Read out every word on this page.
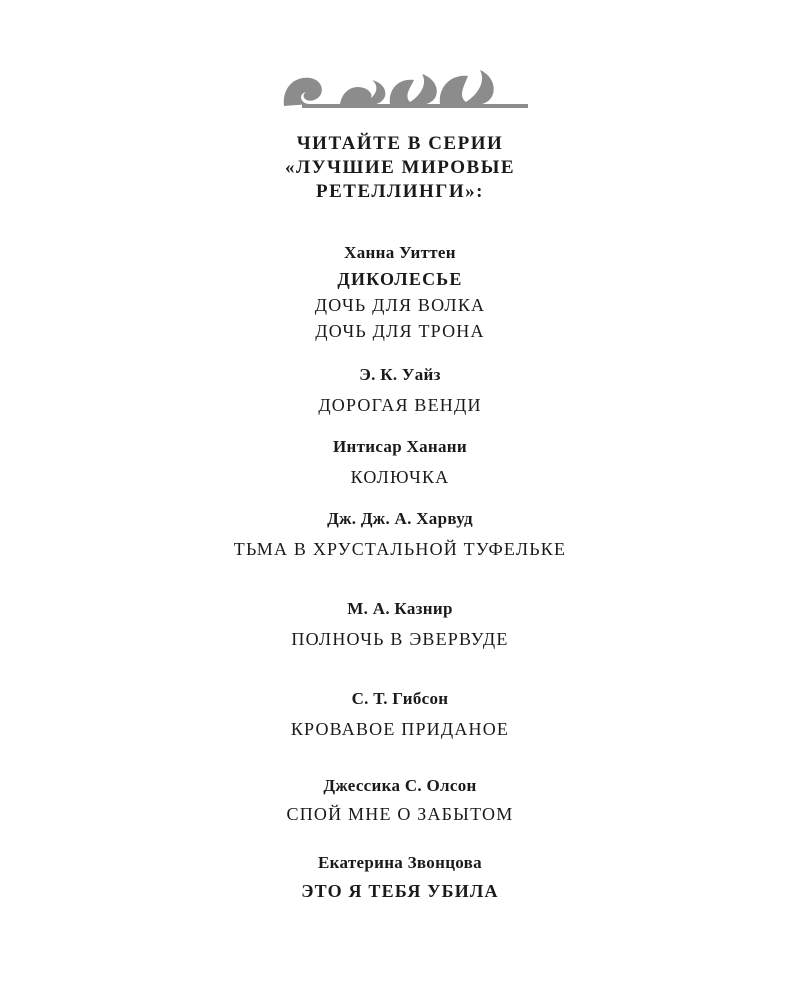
ЧИТАЙТЕ В СЕРИИ
«ЛУЧШИЕ МИРОВЫЕ
РЕТЕЛЛИНГИ»:
Ханна Уиттен
ДИКОЛЕСЬЕ
ДОЧЬ ДЛЯ ВОЛКА
ДОЧЬ ДЛЯ ТРОНА
Э. К. Уайз
ДОРОГАЯ ВЕНДИ
Интисар Ханани
КОЛЮЧКА
Дж. Дж. А. Харвуд
ТЬМА В ХРУСТАЛЬНОЙ ТУФЕЛЬКЕ
М. А. Казнир
ПОЛНОЧЬ В ЭВЕРВУДЕ
С. Т. Гибсон
КРОВАВОЕ ПРИДАНОЕ
Джессика С. Олсон
СПОЙ МНЕ О ЗАБЫТОМ
Екатерина Звонцова
ЭТО Я ТЕБЯ УБИЛА
